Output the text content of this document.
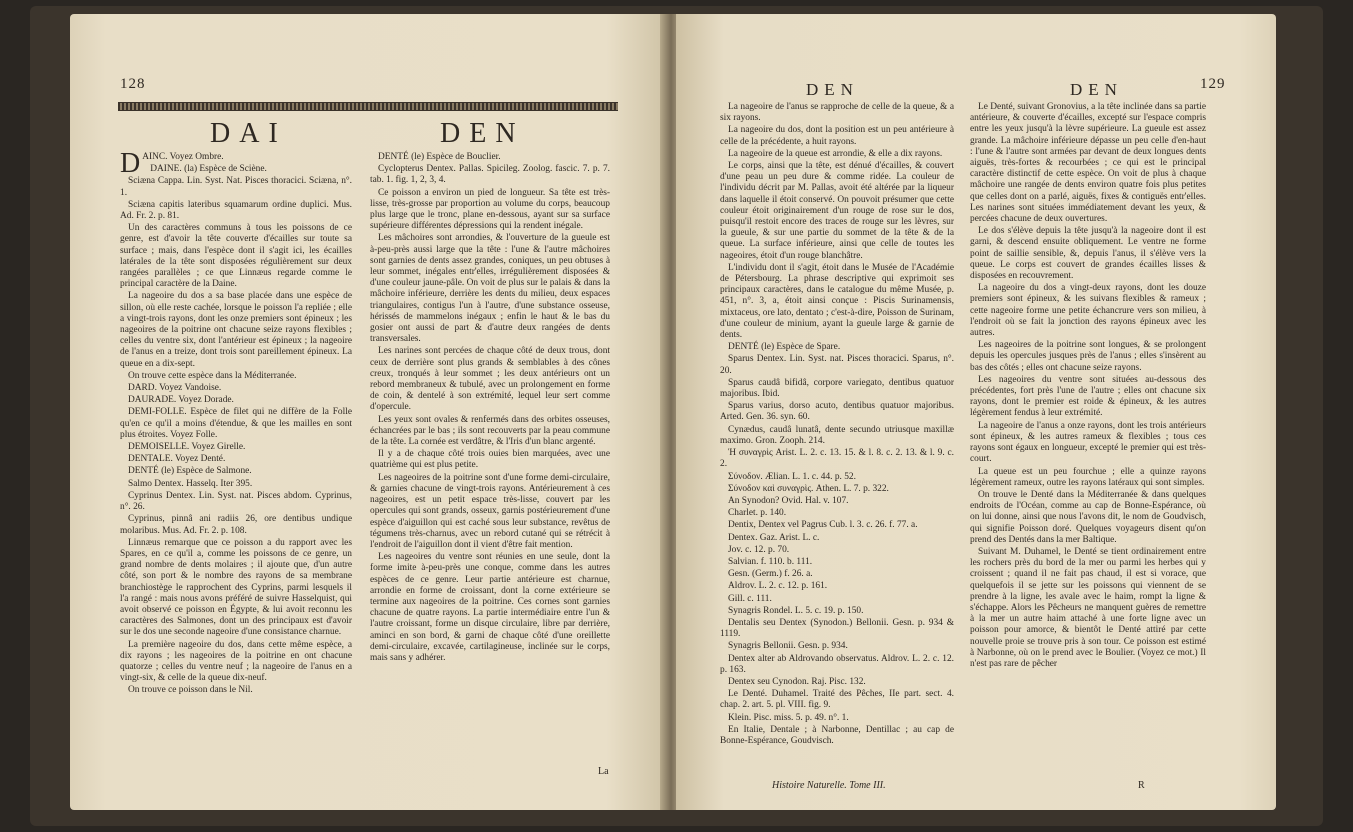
128
DAI	DEN

DAINC. Voyez Ombre.

DAINE. (la) Espèce de Sciène.

Sciæna Cappa. Lin. Syst. Nat. Pisces thoracici. Sciæna, n°. 1.

Sciæna capitis lateribus squamarum ordine duplici. Mus. Ad. Fr. 2. p. 81.

Un des caractères communs à tous les poissons de ce genre, est d'avoir la tête couverte d'écailles sur toute sa surface ; mais, dans l'espèce dont il s'agit ici, les écailles latérales de la tête sont disposées régulièrement sur deux rangées parallèles ; ce que Linnæus regarde comme le principal caractère de la Daine.

La nageoire du dos a sa base placée dans une espèce de sillon, où elle reste cachée, lorsque le poisson l'a repliée ; elle a vingt-trois rayons, dont les onze premiers sont épineux ; les nageoires de la poitrine ont chacune seize rayons flexibles ; celles du ventre six, dont l'antérieur est épineux ; la nageoire de l'anus en a treize, dont trois sont pareillement épineux. La queue en a dix-sept.

On trouve cette espèce dans la Méditerranée.

DARD. Voyez Vandoise.

DAURADE. Voyez Dorade.

DEMI-FOLLE. Espèce de filet qui ne diffère de la Folle qu'en ce qu'il a moins d'étendue, & que les mailles en sont plus étroites. Voyez Folle.

DEMOISELLE. Voyez Girelle.

DENTALE. Voyez Denté.

DENTÉ (le) Espèce de Salmone.

Salmo Dentex. Hasselq. Iter 395.

Cyprinus Dentex. Lin. Syst. nat. Pisces abdom. Cyprinus, n°. 26.

Cyprinus, pinnâ ani radiis 26, ore dentibus undique molaribus. Mus. Ad. Fr. 2. p. 108.

Linnæus remarque que ce poisson a du rapport avec les Spares, en ce qu'il a, comme les poissons de ce genre, un grand nombre de dents molaires ; il ajoute que, d'un autre côté, son port & le nombre des rayons de sa membrane branchiostège le rapprochent des Cyprins, parmi lesquels il l'a rangé : mais nous avons préféré de suivre Hasselquist, qui avoit observé ce poisson en Égypte, & lui avoit reconnu les caractères des Salmones, dont un des principaux est d'avoir sur le dos une seconde nageoire d'une consistance charnue.

La première nageoire du dos, dans cette même espèce, a dix rayons ; les nageoires de la poitrine en ont chacune quatorze ; celles du ventre neuf ; la nageoire de l'anus en a vingt-six, & celle de la queue dix-neuf.

On trouve ce poisson dans le Nil.

DENTÉ (le) Espèce de Bouclier.

Cyclopterus Dentex. Pallas. Spicileg. Zoolog. fascic. 7. p. 7. tab. 1. fig. 1, 2, 3, 4.

Ce poisson a environ un pied de longueur. Sa tête est très-lisse, très-grosse par proportion au volume du corps, beaucoup plus large que le tronc, plane en-dessous, ayant sur sa surface supérieure différentes dépressions qui la rendent inégale.

Les mâchoires sont arrondies, & l'ouverture de la gueule est à-peu-près aussi large que la tête : l'une & l'autre mâchoires sont garnies de dents assez grandes, coniques, un peu obtuses à leur sommet, inégales entr'elles, irrégulièrement disposées & d'une couleur jaune-pâle. On voit de plus sur le palais & dans la mâchoire inférieure, derrière les dents du milieu, deux espaces triangulaires, contigus l'un à l'autre, d'une substance osseuse, hérissés de mammelons inégaux ; enfin le haut & le bas du gosier ont aussi de part & d'autre deux rangées de dents transversales.

Les narines sont percées de chaque côté de deux trous, dont ceux de derrière sont plus grands & semblables à des cônes creux, tronqués à leur sommet ; les deux antérieurs ont un rebord membraneux & tubulé, avec un prolongement en forme de coin, & dentelé à son extrémité, lequel leur sert comme d'opercule.

Les yeux sont ovales & renfermés dans des orbites osseuses, échancrées par le bas ; ils sont recouverts par la peau commune de la tête. La cornée est verdâtre, & l'Iris d'un blanc argenté.

Il y a de chaque côté trois ouies bien marquées, avec une quatrième qui est plus petite.

Les nageoires de la poitrine sont d'une forme demi-circulaire, & garnies chacune de vingt-trois rayons. Antérieurement à ces nageoires, est un petit espace très-lisse, couvert par les opercules qui sont grands, osseux, garnis postérieurement d'une espèce d'aiguillon qui est caché sous leur substance, revêtus de tégumens très-charnus, avec un rebord cutané qui se rétrécit à l'endroit de l'aiguillon dont il vient d'être fait mention.

Les nageoires du ventre sont réunies en une seule, dont la forme imite à-peu-près une conque, comme dans les autres espèces de ce genre. Leur partie antérieure est charnue, arrondie en forme de croissant, dont la corne extérieure se termine aux nageoires de la poitrine. Ces cornes sont garnies chacune de quatre rayons. La partie intermédiaire entre l'un & l'autre croissant, forme un disque circulaire, libre par derrière, aminci en son bord, & garni de chaque côté d'une oreillette demi-circulaire, excavée, cartilagineuse, inclinée sur le corps, mais sans y adhérer.

La
DEN	DEN	129

La nageoire de l'anus se rapproche de celle de la queue, & a six rayons.

La nageoire du dos, dont la position est un peu antérieure à celle de la précédente, a huit rayons.

La nageoire de la queue est arrondie, & elle a dix rayons.

Le corps, ainsi que la tête, est dénué d'écailles, & couvert d'une peau un peu dure & comme ridée. La couleur de l'individu décrit par M. Pallas, avoit été altérée par la liqueur dans laquelle il étoit conservé. On pouvoit présumer que cette couleur étoit originairement d'un rouge de rose sur le dos, puisqu'il restoit encore des traces de rouge sur les lèvres, sur la gueule, & sur une partie du sommet de la tête & de la queue. La surface inférieure, ainsi que celle de toutes les nageoires, étoit d'un rouge blanchâtre.

L'individu dont il s'agit, étoit dans le Musée de l'Académie de Pétersbourg. La phrase descriptive qui exprimoit ses principaux caractères, dans le catalogue du même Musée, p. 451, n°. 3, a, étoit ainsi conçue : Piscis Surinamensis, mixtaceus, ore lato, dentato ; c'est-à-dire, Poisson de Surinam, d'une couleur de minium, ayant la gueule large & garnie de dents.

DENTÉ (le) Espèce de Spare.

Sparus Dentex. Lin. Syst. nat. Pisces thoracici. Sparus, n°. 20.

Sparus caudâ bifidâ, corpore variegato, dentibus quatuor majoribus. Ibid.

Sparus varius, dorso acuto, dentibus quatuor majoribus. Arted. Gen. 36. syn. 60.

Cynædus, caudâ lunatâ, dente secundo utriusque maxillæ maximo. Gron. Zooph. 214.

Ἡ συναγρὶς Arist. L. 2. c. 13. 15. & l. 8. c. 2. 13. & l. 9. c. 2.

Σύνοδον. Ælian. L. 1. c. 44. p. 52.

Σύνοδον καὶ συναγρὶς. Athen. L. 7. p. 322.

An Synodon? Ovid. Hal. v. 107.

Charlet. p. 140.

Dentix, Dentex vel Pagrus Cub. l. 3. c. 26. f. 77. a.

Dentex. Gaz. Arist. L. c.

Jov. c. 12. p. 70.

Salvian. f. 110. b. 111.

Gesn. (Germ.) f. 26. a.

Aldrov. L. 2. c. 12. p. 161.

Gill. c. 111.

Synagris Rondel. L. 5. c. 19. p. 150.

Dentalis seu Dentex (Synodon.) Bellonii. Gesn. p. 934 & 1119.

Synagris Bellonii. Gesn. p. 934.

Dentex alter ab Aldrovando observatus. Aldrov. L. 2. c. 12. p. 163.

Dentex seu Cynodon. Raj. Pisc. 132.

Le Denté. Duhamel. Traité des Pêches, IIe part. sect. 4. chap. 2. art. 5. pl. VIII. fig. 9.

Klein. Pisc. miss. 5. p. 49. n°. 1.

En Italie, Dentale ; à Narbonne, Dentillac ; au cap de Bonne-Espérance, Goudvisch.

Le Denté, suivant Gronovius, a la tête inclinée dans sa partie antérieure, & couverte d'écailles, excepté sur l'espace compris entre les yeux jusqu'à la lèvre supérieure. La gueule est assez grande. La mâchoire inférieure dépasse un peu celle d'en-haut : l'une & l'autre sont armées par devant de deux longues dents aiguës, très-fortes & recourbées ; ce qui est le principal caractère distinctif de cette espèce. On voit de plus à chaque mâchoire une rangée de dents environ quatre fois plus petites que celles dont on a parlé, aiguës, fixes & contiguës entr'elles. Les narines sont situées immédiatement devant les yeux, & percées chacune de deux ouvertures.

Le dos s'élève depuis la tête jusqu'à la nageoire dont il est garni, & descend ensuite obliquement. Le ventre ne forme point de saillie sensible, &, depuis l'anus, il s'élève vers la queue. Le corps est couvert de grandes écailles lisses & disposées en recouvrement.

La nageoire du dos a vingt-deux rayons, dont les douze premiers sont épineux, & les suivans flexibles & rameux ; cette nageoire forme une petite échancrure vers son milieu, à l'endroit où se fait la jonction des rayons épineux avec les autres.

Les nageoires de la poitrine sont longues, & se prolongent depuis les opercules jusques près de l'anus ; elles s'insèrent au bas des côtés ; elles ont chacune seize rayons.

Les nageoires du ventre sont situées au-dessous des précédentes, fort près l'une de l'autre ; elles ont chacune six rayons, dont le premier est roide & épineux, & les autres légèrement fendus à leur extrémité.

La nageoire de l'anus a onze rayons, dont les trois antérieurs sont épineux, & les autres rameux & flexibles ; tous ces rayons sont égaux en longueur, excepté le premier qui est très-court.

La queue est un peu fourchue ; elle a quinze rayons légèrement rameux, outre les rayons latéraux qui sont simples.

On trouve le Denté dans la Méditerranée & dans quelques endroits de l'Océan, comme au cap de Bonne-Espérance, où on lui donne, ainsi que nous l'avons dit, le nom de Goudvisch, qui signifie Poisson doré. Quelques voyageurs disent qu'on prend des Dentés dans la mer Baltique.

Suivant M. Duhamel, le Denté se tient ordinairement entre les rochers près du bord de la mer ou parmi les herbes qui y croissent ; quand il ne fait pas chaud, il est si vorace, que quelquefois il se jette sur les poissons qui viennent de se prendre à la ligne, les avale avec le haim, rompt la ligne & s'échappe. Alors les Pêcheurs ne manquent guères de remettre à la mer un autre haim attaché à une forte ligne avec un poisson pour amorce, & bientôt le Denté attiré par cette nouvelle proie se trouve pris à son tour. Ce poisson est estimé à Narbonne, où on le prend avec le Boulier. (Voyez ce mot.) Il n'est pas rare de pêcher

Histoire Naturelle. Tome III.	R
